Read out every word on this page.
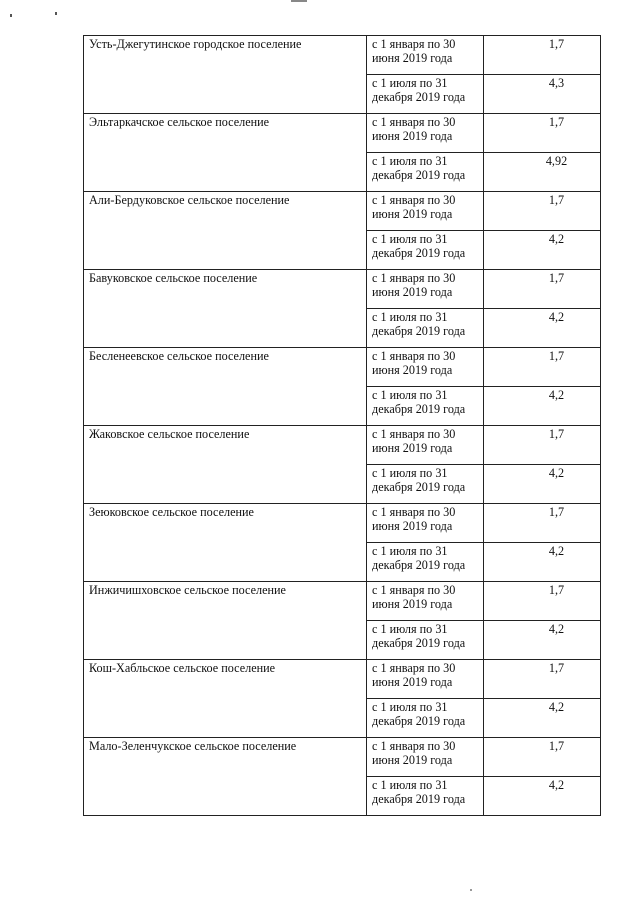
Усть-Джегутинское городское поселение	с 1 января по 30 июня 2019 года	1,7
	с 1 июля по 31 декабря 2019 года	4,3
Эльтаркачское сельское поселение	с 1 января по 30 июня 2019 года	1,7
	с 1 июля по 31 декабря 2019 года	4,92
Али-Бердуковское сельское поселение	с 1 января по 30 июня 2019 года	1,7
	с 1 июля по 31 декабря 2019 года	4,2
Бавуковское сельское поселение	с 1 января по 30 июня 2019 года	1,7
	с 1 июля по 31 декабря 2019 года	4,2
Бесленеевское сельское поселение	с 1 января по 30 июня 2019 года	1,7
	с 1 июля по 31 декабря 2019 года	4,2
Жаковское сельское поселение	с 1 января по 30 июня 2019 года	1,7
	с 1 июля по 31 декабря 2019 года	4,2
Зеюковское сельское поселение	с 1 января по 30 июня 2019 года	1,7
	с 1 июля по 31 декабря 2019 года	4,2
Инжичишховское сельское поселение	с 1 января по 30 июня 2019 года	1,7
	с 1 июля по 31 декабря 2019 года	4,2
Кош-Хабльское сельское поселение	с 1 января по 30 июня 2019 года	1,7
	с 1 июля по 31 декабря 2019 года	4,2
Мало-Зеленчукское сельское поселение	с 1 января по 30 июня 2019 года	1,7
	с 1 июля по 31 декабря 2019 года	4,2
